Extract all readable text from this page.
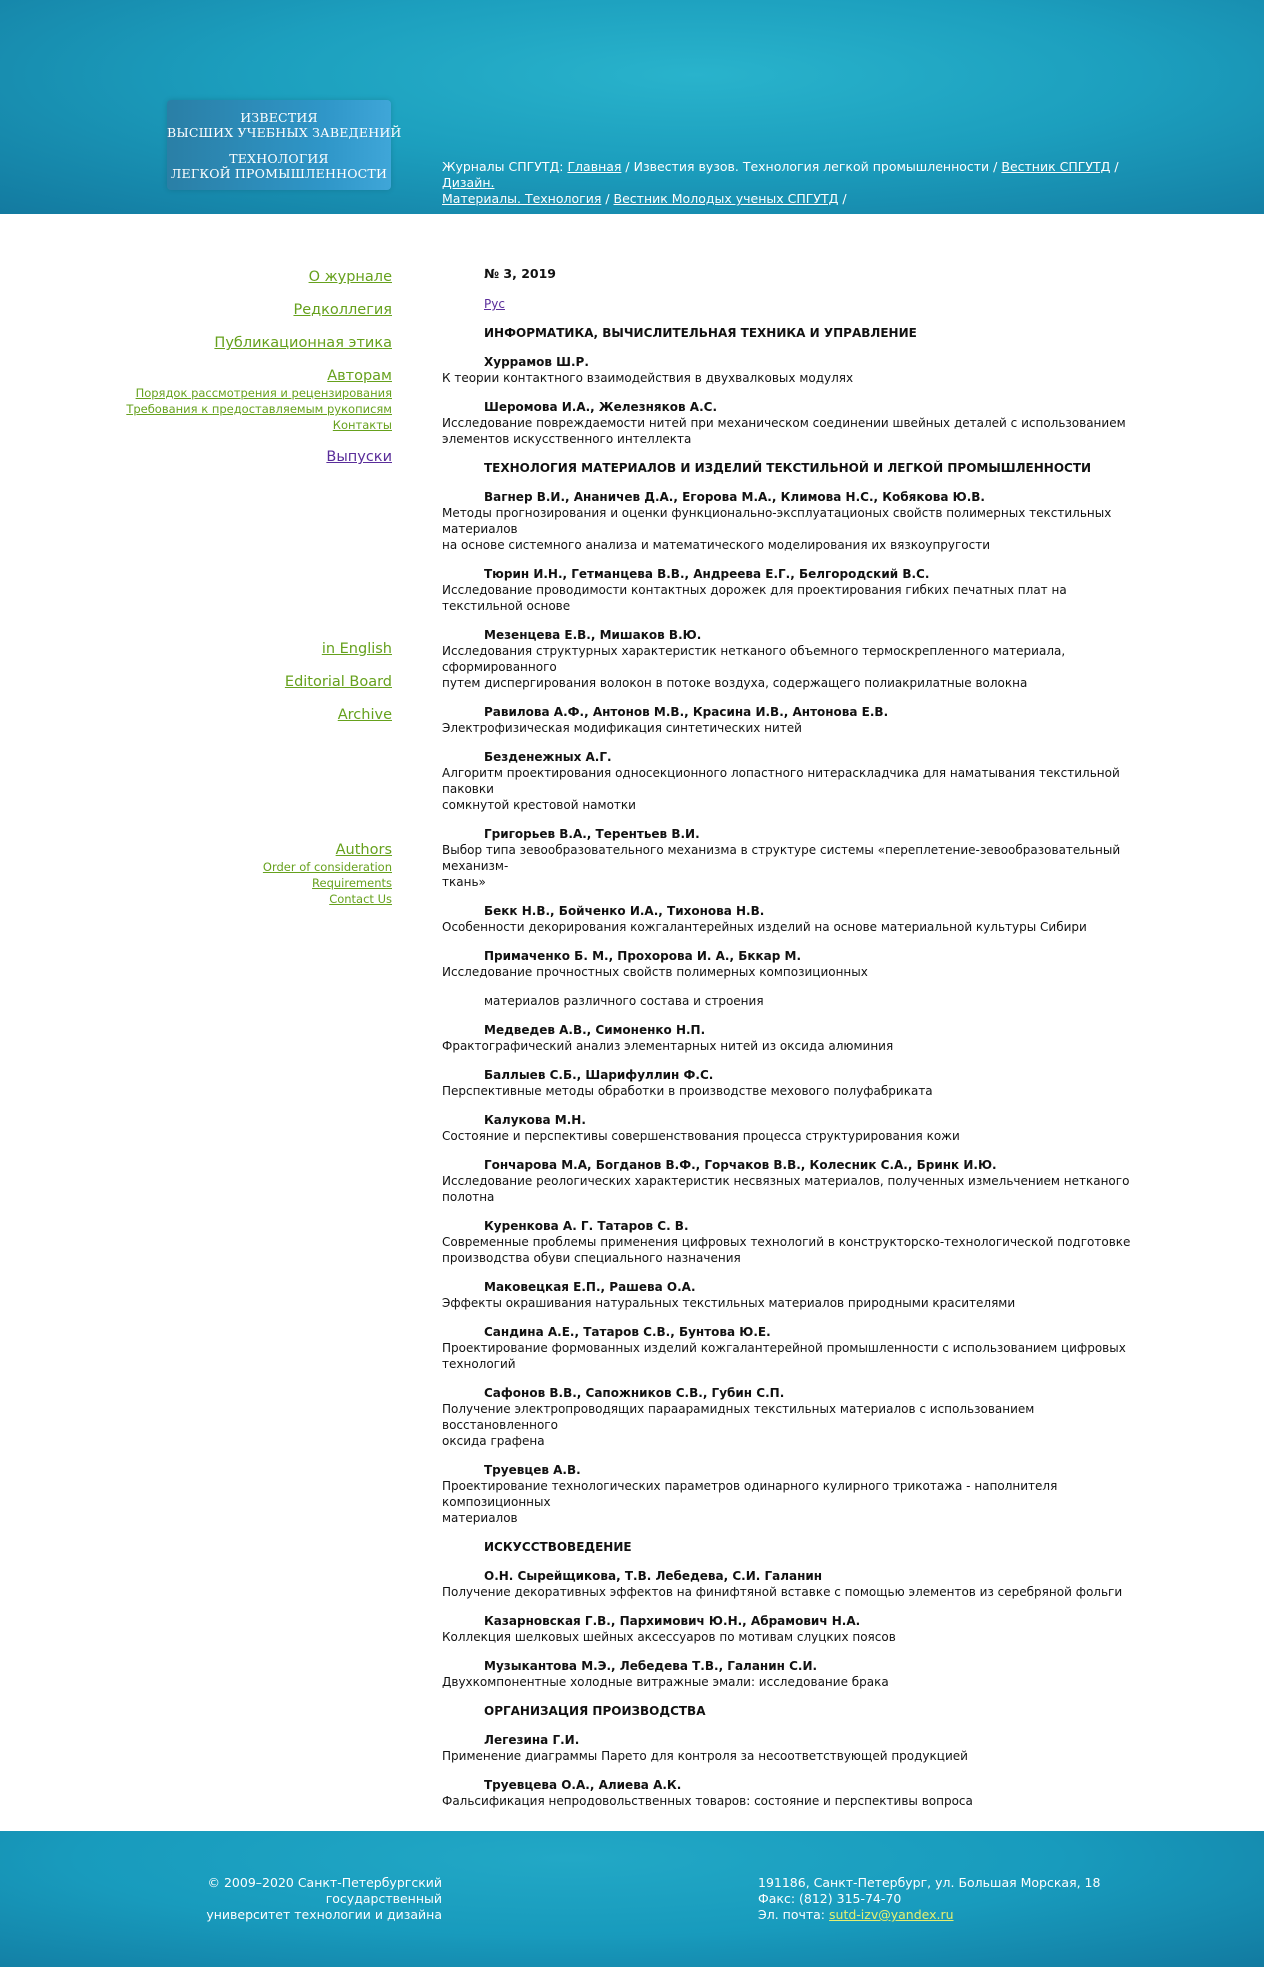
ИЗВЕСТИЯ
ВЫСШИХ УЧЕБНЫХ ЗАВЕДЕНИЙ
ТЕХНОЛОГИЯ
ЛЕГКОЙ ПРОМЫШЛЕННОСТИ	Журналы СПГУТД: Главная / Известия вузов. Технология легкой промышленности / Вестник СПГУТД / Дизайн.
Материалы. Технология / Вестник Молодых ученых СПГУТД /
О журнале
Редколлегия
Публикационная этика
Авторам
Порядок рассмотрения и рецензирования
Требования к предоставляемым рукописям
Контакты
Выпуски
in English
Editorial Board
Archive
Authors
Order of consideration
Requirements
Contact Us
№ 3, 2019
Рус
ИНФОРМАТИКА, ВЫЧИСЛИТЕЛЬНАЯ ТЕХНИКА И УПРАВЛЕНИЕ
Хуррамов Ш.Р.
К теории контактного взаимодействия в двухвалковых модулях
Шеромова И.А., Железняков А.С.
Исследование повреждаемости нитей при механическом соединении швейных деталей с использованием
элементов искусственного интеллекта
ТЕХНОЛОГИЯ МАТЕРИАЛОВ И ИЗДЕЛИЙ ТЕКСТИЛЬНОЙ И ЛЕГКОЙ ПРОМЫШЛЕННОСТИ
Вагнер В.И., Ананичев Д.А., Егорова М.А., Климова Н.С., Кобякова Ю.В.
Методы прогнозирования и оценки функционально-эксплуатационых свойств полимерных текстильных материалов
на основе системного анализа и математического моделирования их вязкоупругости
Тюрин И.Н., Гетманцева В.В., Андреева Е.Г., Белгородский В.С.
Исследование проводимости контактных дорожек для проектирования гибких печатных плат на текстильной основе
Мезенцева Е.В., Мишаков В.Ю.
Исследования структурных характеристик нетканого объемного термоскрепленного материала, сформированного
путем диспергирования волокон в потоке воздуха, содержащего полиакрилатные волокна
Равилова А.Ф., Антонов М.В., Красина И.В., Антонова Е.В.
Электрофизическая модификация синтетических нитей
Безденежных А.Г.
Алгоритм проектирования односекционного лопастного нитераскладчика для наматывания текстильной паковки
сомкнутой крестовой намотки
Григорьев В.А., Терентьев В.И.
Выбор типа зевообразовательного механизма в структуре системы «переплетение-зевообразовательный механизм-
ткань»
Бекк Н.В., Бойченко И.А., Тихонова Н.В.
Особенности декорирования кожгалантерейных изделий на основе материальной культуры Сибири
Примаченко Б. М., Прохорова И. А., Бккар М.
Исследование прочностных свойств полимерных композиционных
материалов различного состава и строения
Медведев А.В., Симоненко Н.П.
Фрактографический анализ элементарных нитей из оксида алюминия
Баллыев С.Б., Шарифуллин Ф.С.
Перспективные методы обработки в производстве мехового полуфабриката
Калукова М.Н.
Состояние и перспективы совершенствования процесса структурирования кожи
Гончарова М.А, Богданов В.Ф., Горчаков В.В., Колесник С.А., Бринк И.Ю.
Исследование реологических характеристик несвязных материалов, полученных измельчением нетканого полотна
Куренкова А. Г. Татаров С. В.
Современные проблемы применения цифровых технологий в конструкторско-технологической подготовке
производства обуви специального назначения
Маковецкая Е.П., Рашева О.А.
Эффекты окрашивания натуральных текстильных материалов природными красителями
Сандина А.Е., Татаров С.В., Бунтова Ю.Е.
Проектирование формованных изделий кожгалантерейной промышленности с использованием цифровых
технологий
Сафонов В.В., Сапожников С.В., Губин С.П.
Получение электропроводящих параарамидных текстильных материалов с использованием восстановленного
оксида графена
Труевцев А.В.
Проектирование технологических параметров одинарного кулирного трикотажа - наполнителя композиционных
материалов
ИСКУССТВОВЕДЕНИЕ
О.Н. Сырейщикова, Т.В. Лебедева, С.И. Галанин
Получение декоративных эффектов на финифтяной вставке с помощью элементов из серебряной фольги
Казарновская Г.В., Пархимович Ю.Н., Абрамович Н.А.
Коллекция шелковых шейных аксессуаров по мотивам слуцких поясов
Музыкантова М.Э., Лебедева Т.В., Галанин С.И.
Двухкомпонентные холодные витражные эмали: исследование брака
ОРГАНИЗАЦИЯ ПРОИЗВОДСТВА
Легезина Г.И.
Применение диаграммы Парето для контроля за несоответствующей продукцией
Труевцева О.А., Алиева А.К.
Фальсификация непродовольственных товаров: состояние и перспективы вопроса
© 2009–2020 Санкт-Петербургский государственный
университет технологии и дизайна
191186, Санкт-Петербург, ул. Большая Морская, 18
Факс: (812) 315-74-70
Эл. почта: sutd-izv@yandex.ru
